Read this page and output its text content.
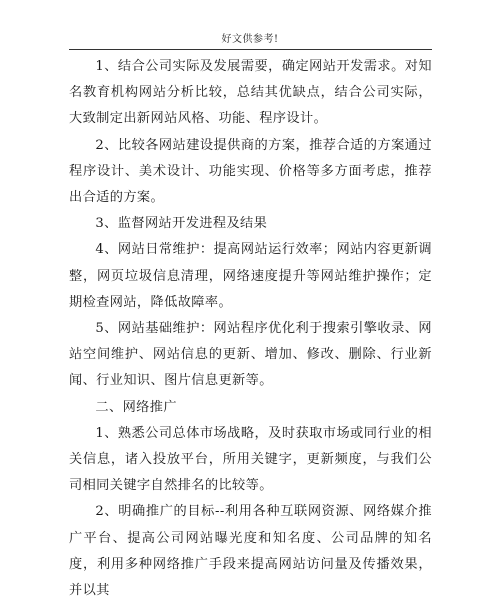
好文供参考!

1、结合公司实际及发展需要，确定网站开发需求。对知名教育机构网站分析比较，总结其优缺点，结合公司实际，大致制定出新网站风格、功能、程序设计。

2、比较各网站建设提供商的方案，推荐合适的方案通过程序设计、美术设计、功能实现、价格等多方面考虑，推荐出合适的方案。

3、监督网站开发进程及结果

4、网站日常维护：提高网站运行效率；网站内容更新调整，网页垃圾信息清理，网络速度提升等网站维护操作；定期检查网站，降低故障率。

5、网站基础维护：网站程序优化利于搜索引擎收录、网站空间维护、网站信息的更新、增加、修改、删除、行业新闻、行业知识、图片信息更新等。

二、网络推广

1、熟悉公司总体市场战略，及时获取市场或同行业的相关信息，诸入投放平台，所用关键字，更新频度，与我们公司相同关键字自然排名的比较等。

2、明确推广的目标--利用各种互联网资源、网络媒介推广平台、提高公司网站曝光度和知名度、公司品牌的知名度，利用多种网络推广手段来提高网站访问量及传播效果，并以其
